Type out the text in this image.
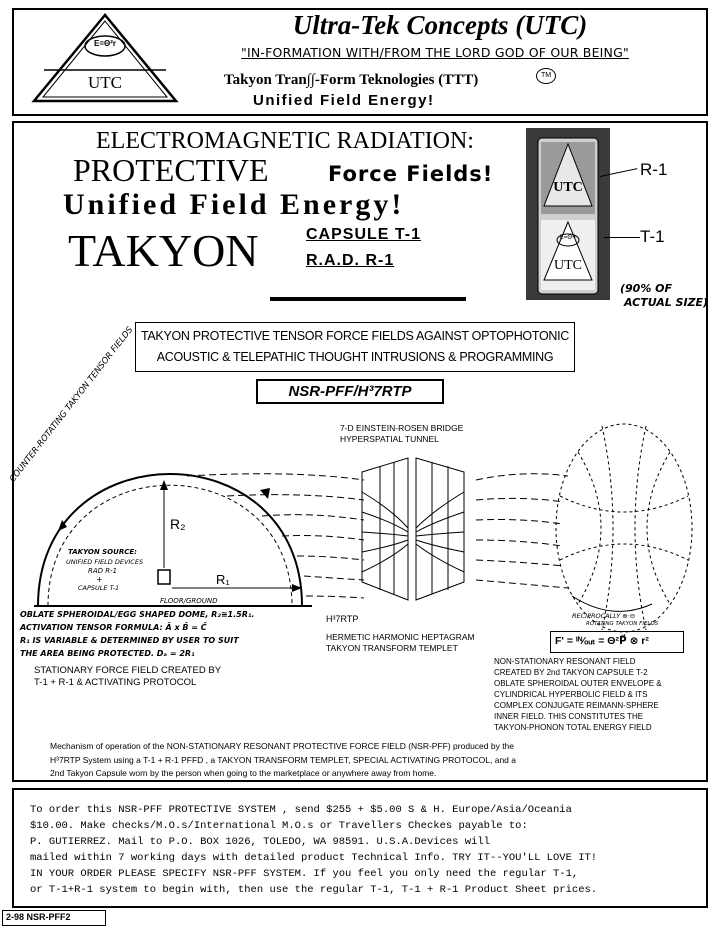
E=Θ²r
UTC
Ultra-Tek Concepts (UTC)
"IN-FORMATION WITH/FROM THE LORD GOD OF OUR BEING"
Takyon Tran∫∫-Form Teknologies (TTT)	TM
Unified Field Energy!
ELECTROMAGNETIC RADIATION:
PROTECTIVE	Force Fields!
Unified Field Energy!
TAKYON	CAPSULE T-1
R.A.D. R-1
UTC
E=Θ²r
UTC
R-1
T-1
(90% OF
ACTUAL SIZE)
TAKYON PROTECTIVE TENSOR FORCE FIELDS AGAINST OPTOPHOTONIC
ACOUSTIC & TELEPATHIC THOUGHT INTRUSIONS & PROGRAMMING
NSR-PFF/H³7RTP
COUNTER-ROTATING TAKYON TENSOR FIELDS
R₂
R₁
TAKYON SOURCE:
UNIFIED FIELD DEVICES
RAD R-1
+
CAPSULE T-1
FLOOR/GROUND
7-D EINSTEIN-ROSEN BRIDGE
HYPERSPATIAL TUNNEL
RECIPROCALLY ⊕·⊖
ROTATING TAKYON FIELDS
F' = ᴵᴺ⁄ₒᵤₜ = Θ²P⃗ ⊗ r²
OBLATE SPHEROIDAL/EGG SHAPED DOME, R₂≅1.5R₁.
ACTIVATION TENSOR FORMULA: Ā x B̄ = C̄
R₁ IS VARIABLE & DETERMINED BY USER TO SUIT
THE AREA BEING PROTECTED. Dₐ = 2R₁
STATIONARY FORCE FIELD CREATED BY
T-1 + R-1 & ACTIVATING PROTOCOL
H³7RTP
HERMETIC HARMONIC HEPTAGRAM
TAKYON TRANSFORM TEMPLET
NON-STATIONARY RESONANT FIELD
CREATED BY 2nd TAKYON CAPSULE T-2
OBLATE SPHEROIDAL OUTER ENVELOPE &
CYLINDRICAL HYPERBOLIC FIELD & ITS
COMPLEX CONJUGATE REIMANN-SPHERE
INNER FIELD. THIS CONSTITUTES THE
TAKYON-PHONON TOTAL ENERGY FIELD
Mechanism of operation of the NON-STATIONARY RESONANT PROTECTIVE FORCE FIELD (NSR-PFF) produced by the
H³7RTP System using a T-1 + R-1 PFFD , a TAKYON TRANSFORM TEMPLET, SPECIAL ACTIVATING PROTOCOL, and a
2nd Takyon Capsule worn by the person when going to the marketplace or anywhere away from home.
To order this NSR-PFF PROTECTIVE SYSTEM , send $255 + $5.00 S & H. Europe/Asia/Oceania
$10.00. Make checks/M.O.s/International M.O.s or Travellers Checkes payable to:
P. GUTIERREZ. Mail to P.O. BOX 1026, TOLEDO, WA 98591. U.S.A.Devices will
mailed within 7 working days with detailed product Technical Info. TRY IT--YOU'LL LOVE IT!
IN YOUR ORDER PLEASE SPECIFY NSR-PFF SYSTEM. If you feel you only need the regular T-1,
or T-1+R-1 system to begin with, then use the regular T-1, T-1 + R-1 Product Sheet prices.
2-98 NSR-PFF2
